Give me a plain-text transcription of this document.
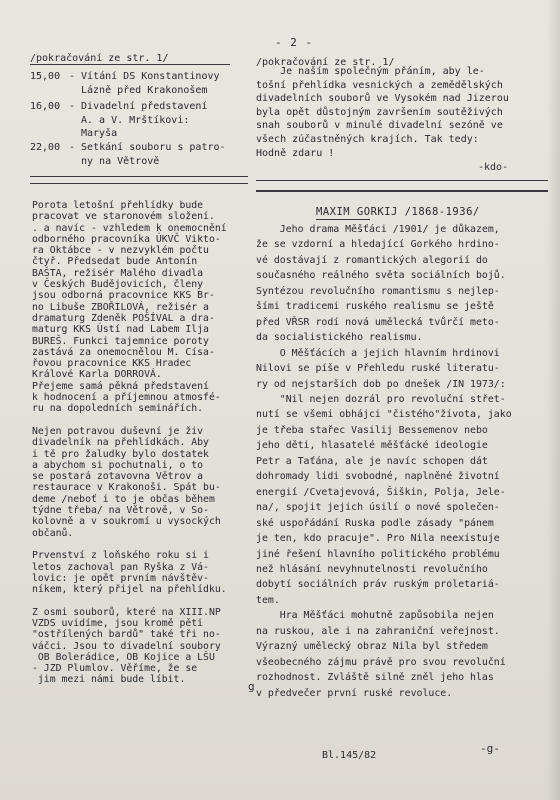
- 2 -
/pokračování ze str. 1/
15,00 - Vítání DS Konstantinovy
Lázně před Krakonošem
16,00 - Divadelní představení
A. a V. Mrštíkovi:
Maryša
22,00 - Setkání souboru s patro-
ny na Větrově
/pokračování ze str. 1/
Je naším společným přáním, aby le-
tošní přehlídka vesnických a zemědělských
divadelních souborů ve Vysokém nad Jizerou
byla opět důstojným završením soutěživých
snah souborů v minulé divadelní sezóně ve
všech zúčastněných krajích. Tak tedy:
Hodně zdaru !
-kdo-
Porota letošní přehlídky bude
pracovat ve staronovém složení.
. a navíc - vzhledem k onemocnění
odborného pracovníka ÚKVČ Vikto-
ra Oktábce - v nezvyklém počtu
čtyř. Předsedat bude Antonín
BAŠTA, režisér Malého divadla
v Českých Budějovicích, členy
jsou odborná pracovnice KKS Br-
no Libuše ZBOŘILOVÁ, režisér a
dramaturg Zdeněk POŠÍVAL a dra-
maturg KKS Ústí nad Labem Ilja
BUREŠ. Funkci tajemnice poroty
zastává za onemocnělou M. Císa-
řovou pracovnice KKS Hradec
Králové Karla DORROVÁ.
Přejeme samá pěkná představení
k hodnocení a příjemnou atmosfé-
ru na dopoledních seminářích.

Nejen potravou duševní je živ
divadelník na přehlídkách. Aby
i tě pro žaludky bylo dostatek
a abychom si pochutnali, o to
se postará zotavovna Větrov a
restaurace v Krakonoši. Spát bu-
deme /neboť i to je občas během
týdne třeba/ na Větrově, v So-
kolovně a v soukromí u vysockých
občanů.

Prvenství z loňského roku si i
letos zachoval pan Ryška z Vá-
lovic: je opět prvním návštěv-
níkem, který přijel na přehlídku.

Z osmi souborů, které na XIII.NP
VZDS uvidíme, jsou kromě pěti
"ostřílených bardů" také tři no-
váčci. Jsou to divadelní soubory
OB Bolerádice, OB Kojice a LŠU
- JZD Plumlov. Věříme, že se
jim mezi námi bude líbit.
g
MAXIM GORKIJ /1868-1936/
Jeho drama Měšťáci /1901/ je důkazem,
že se vzdorní a hledající Gorkého hrdino-
vé dostávají z romantických alegorií do
současného reálného světa sociálních bojů.
Syntézou revolučního romantismu s nejlep-
šími tradicemi ruského realismu se ještě
před VŘSR rodí nová umělecká tvůrčí meto-
da socialistického realismu.
O Měšťácích a jejich hlavním hrdinovi
Nilovi se píše v Přehledu ruské literatu-
ry od nejstarších dob po dnešek /IN 1973/:
"Nil nejen dozrál pro revoluční střet-
nutí se všemi obhájci "čistého"života, jako
je třeba stařec Vasilij Bessemenov nebo
jeho děti, hlasatelé měšťácké ideologie
Petr a Taťána, ale je navíc schopen dát
dohromady lidi svobodné, naplněné životní
energií /Cvetajevová, Šiškin, Polja, Jele-
na/, spojit jejich úsilí o nové společen-
ské uspořádání Ruska podle zásady "pánem
je ten, kdo pracuje". Pro Nila neexistuje
jiné řešení hlavního politického problému
než hlásání nevyhnutelnosti revolučního
dobytí sociálních práv ruským proletariá-
tem.
Hra Měšťáci mohutně zapůsobila nejen
na ruskou, ale i na zahraniční veřejnost.
Výrazný umělecký obraz Nila byl středem
všeobecného zájmu právě pro svou revoluční
rozhodnost. Zvláště silně zněl jeho hlas
v předvečer první ruské revoluce.
-g-
Bl.145/82
